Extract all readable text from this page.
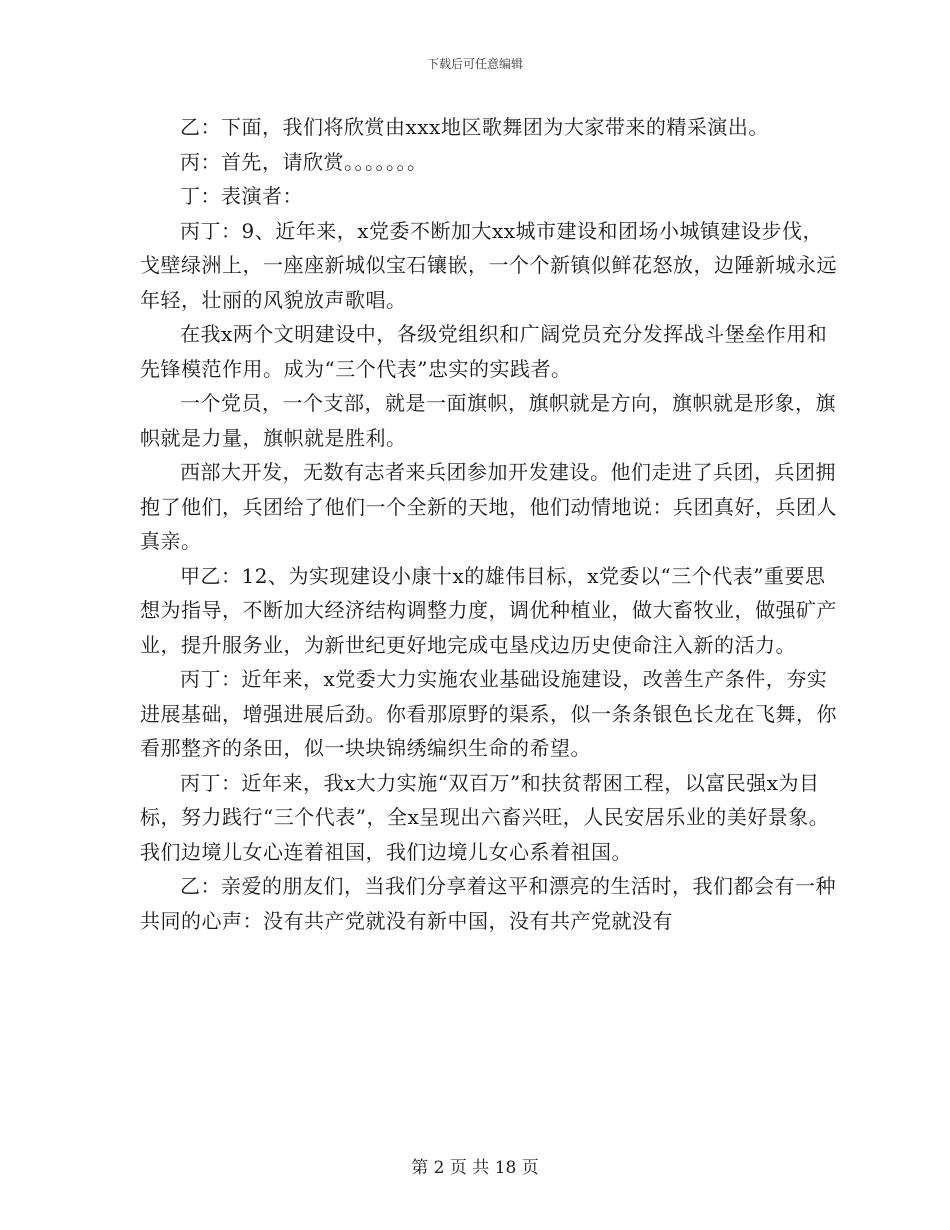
下载后可任意编辑

乙：下面，我们将欣赏由xxx地区歌舞团为大家带来的精采演出。

丙：首先，请欣赏。。。。。。。

丁：表演者：

丙丁：9、近年来，x党委不断加大xx城市建设和团场小城镇建设步伐，戈壁绿洲上，一座座新城似宝石镶嵌，一个个新镇似鲜花怒放，边陲新城永远年轻，壮丽的风貌放声歌唱。

在我x两个文明建设中，各级党组织和广阔党员充分发挥战斗堡垒作用和先锋模范作用。成为“三个代表”忠实的实践者。

一个党员，一个支部，就是一面旗帜，旗帜就是方向，旗帜就是形象，旗帜就是力量，旗帜就是胜利。

西部大开发，无数有志者来兵团参加开发建设。他们走进了兵团，兵团拥抱了他们，兵团给了他们一个全新的天地，他们动情地说：兵团真好，兵团人真亲。

甲乙：12、为实现建设小康十x的雄伟目标，x党委以“三个代表”重要思想为指导，不断加大经济结构调整力度，调优种植业，做大畜牧业，做强矿产业，提升服务业，为新世纪更好地完成屯垦戍边历史使命注入新的活力。

丙丁：近年来，x党委大力实施农业基础设施建设，改善生产条件，夯实进展基础，增强进展后劲。你看那原野的渠系，似一条条银色长龙在飞舞，你看那整齐的条田，似一块块锦绣编织生命的希望。

丙丁：近年来，我x大力实施“双百万”和扶贫帮困工程，以富民强x为目标，努力践行“三个代表”，全x呈现出六畜兴旺，人民安居乐业的美好景象。我们边境儿女心连着祖国，我们边境儿女心系着祖国。

乙：亲爱的朋友们，当我们分享着这平和漂亮的生活时，我们都会有一种共同的心声：没有共产党就没有新中国，没有共产党就没有

第 2 页 共 18 页
